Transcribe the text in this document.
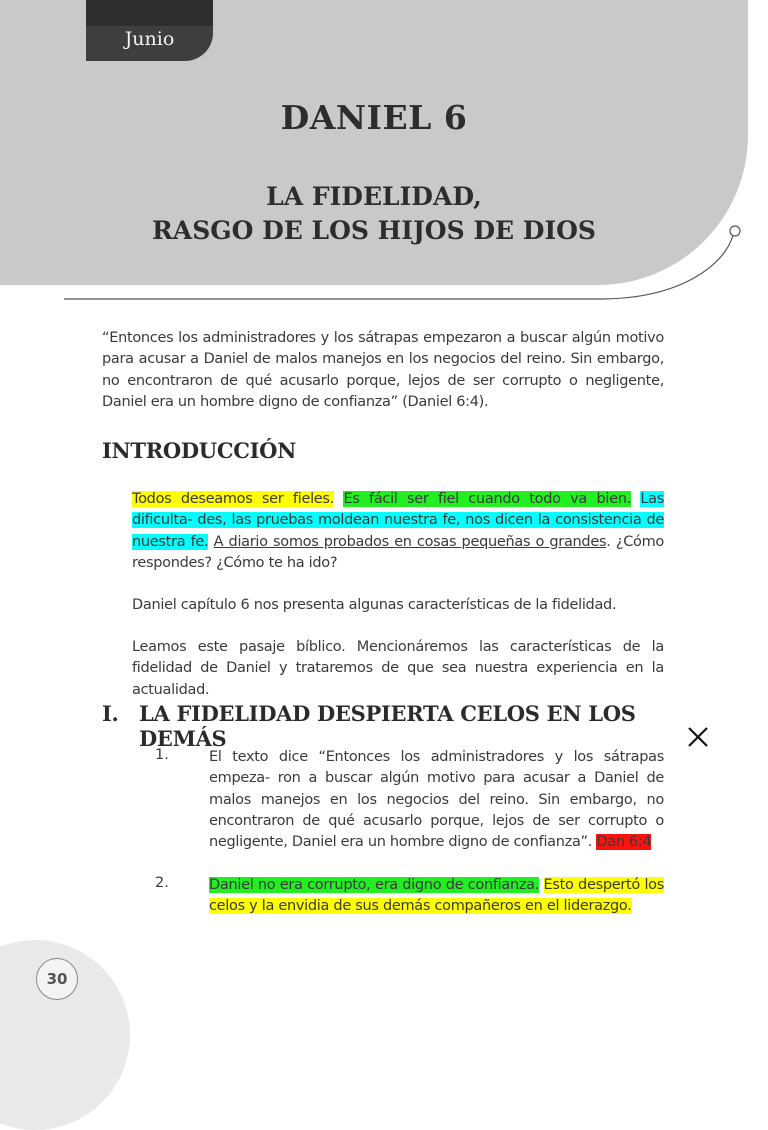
Junio
DANIEL 6
LA FIDELIDAD,
RASGO DE LOS HIJOS DE DIOS
“Entonces los administradores y los sátrapas empezaron a buscar algún motivo para acusar a Daniel de malos manejos en los negocios del reino. Sin embargo, no encontraron de qué acusarlo porque, lejos de ser corrupto o negligente, Daniel era un hombre digno de confianza” (Daniel 6:4).
INTRODUCCIÓN
Todos deseamos ser fieles. Es fácil ser fiel cuando todo va bien. Las dificulta- des, las pruebas moldean nuestra fe, nos dicen la consistencia de nuestra fe. A diario somos probados en cosas pequeñas o grandes. ¿Cómo respondes? ¿Cómo te ha ido?
Daniel capítulo 6 nos presenta algunas características de la fidelidad.
Leamos este pasaje bíblico. Mencionáremos las características de la fidelidad de Daniel y trataremos de que sea nuestra experiencia en la actualidad.
I. LA FIDELIDAD DESPIERTA CELOS EN LOS DEMÁS
1.	El texto dice “Entonces los administradores y los sátrapas empeza- ron a buscar algún motivo para acusar a Daniel de malos manejos en los negocios del reino. Sin embargo, no encontraron de qué acusarlo porque, lejos de ser corrupto o negligente, Daniel era un hombre digno de confianza”. Dan 6:4
2.	Daniel no era corrupto, era digno de confianza. Esto despertó los celos y la envidia de sus demás compañeros en el liderazgo.
30
